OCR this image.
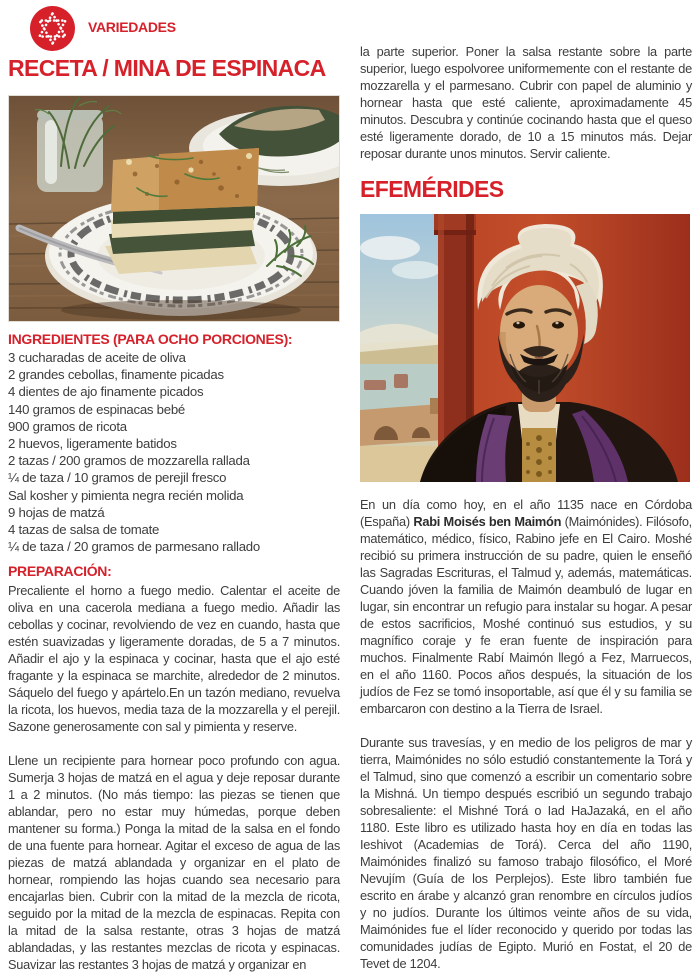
VARIEDADES
RECETA / MINA DE ESPINACA
INGREDIENTES (PARA OCHO PORCIONES):
3 cucharadas de aceite de oliva
2 grandes cebollas, finamente picadas
4 dientes de ajo finamente picados
140 gramos de espinacas bebé
900 gramos de ricota
2 huevos, ligeramente batidos
2 tazas / 200 gramos de mozzarella rallada
¼ de taza / 10 gramos de perejil fresco
Sal kosher y pimienta negra recién molida
9 hojas de matzá
4 tazas de salsa de tomate
¼ de taza / 20 gramos de parmesano rallado
PREPARACIÓN:

Precaliente el horno a fuego medio. Calentar el aceite de oliva en una cacerola mediana a fuego medio. Añadir las cebollas y cocinar, revolviendo de vez en cuando, hasta que estén suavizadas y ligeramente doradas, de 5 a 7 minutos. Añadir el ajo y la espinaca y cocinar, hasta que el ajo esté fragante y la espinaca se marchite, alrededor de 2 minutos. Sáquelo del fuego y apártelo.En un tazón mediano, revuelva la ricota, los huevos, media taza de la mozzarella y el perejil. Sazone generosamente con sal y pimienta y reserve.

Llene un recipiente para hornear poco profundo con agua. Sumerja 3 hojas de matzá en el agua y deje reposar durante 1 a 2 minutos. (No más tiempo: las piezas se tienen que ablandar, pero no estar muy húmedas, porque deben mantener su forma.) Ponga la mitad de la salsa en el fondo de una fuente para hornear. Agitar el exceso de agua de las piezas de matzá ablandada y organizar en el plato de hornear, rompiendo las hojas cuando sea necesario para encajarlas bien. Cubrir con la mitad de la mezcla de ricota, seguido por la mitad de la mezcla de espinacas. Repita con la mitad de la salsa restante, otras 3 hojas de matzá ablandadas, y las restantes mezclas de ricota y espinacas. Suavizar las restantes 3 hojas de matzá y organizar en

la parte superior. Poner la salsa restante sobre la parte superior, luego espolvoree uniformemente con el restante de mozzarella y el parmesano. Cubrir con papel de aluminio y hornear hasta que esté caliente, aproximadamente 45 minutos. Descubra y continúe cocinando hasta que el queso esté ligeramente dorado, de 10 a 15 minutos más. Dejar reposar durante unos minutos. Servir caliente.

EFEMÉRIDES

En un día como hoy, en el año 1135 nace en Córdoba (España) Rabi Moisés ben Maimón (Maimónides). Filósofo, matemático, médico, físico, Rabino jefe en El Cairo. Moshé recibió su primera instrucción de su padre, quien le enseñó las Sagradas Escrituras, el Talmud y, además, matemáticas. Cuando jóven la familia de Maimón deambuló de lugar en lugar, sin encontrar un refugio para instalar su hogar. A pesar de estos sacrificios, Moshé continuó sus estudios, y su magnífico coraje y fe eran fuente de inspiración para muchos. Finalmente Rabí Maimón llegó a Fez, Marruecos, en el año 1160. Pocos años después, la situación de los judíos de Fez se tomó insoportable, así que él y su familia se embarcaron con destino a la Tierra de Israel.

Durante sus travesías, y en medio de los peligros de mar y tierra, Maimónides no sólo estudió constantemente la Torá y el Talmud, sino que comenzó a escribir un comentario sobre la Mishná. Un tiempo después escribió un segundo trabajo sobresaliente: el Mishné Torá o Iad HaJazaká, en el año 1180. Este libro es utilizado hasta hoy en día en todas las Ieshivot (Academias de Torá). Cerca del año 1190, Maimónides finalizó su famoso trabajo filosófico, el Moré Nevujím (Guía de los Perplejos). Este libro también fue escrito en árabe y alcanzó gran renombre en círculos judíos y no judíos. Durante los últimos veinte años de su vida, Maimónides fue el líder reconocido y querido por todas las comunidades judías de Egipto. Murió en Fostat, el 20 de Tevet de 1204.
